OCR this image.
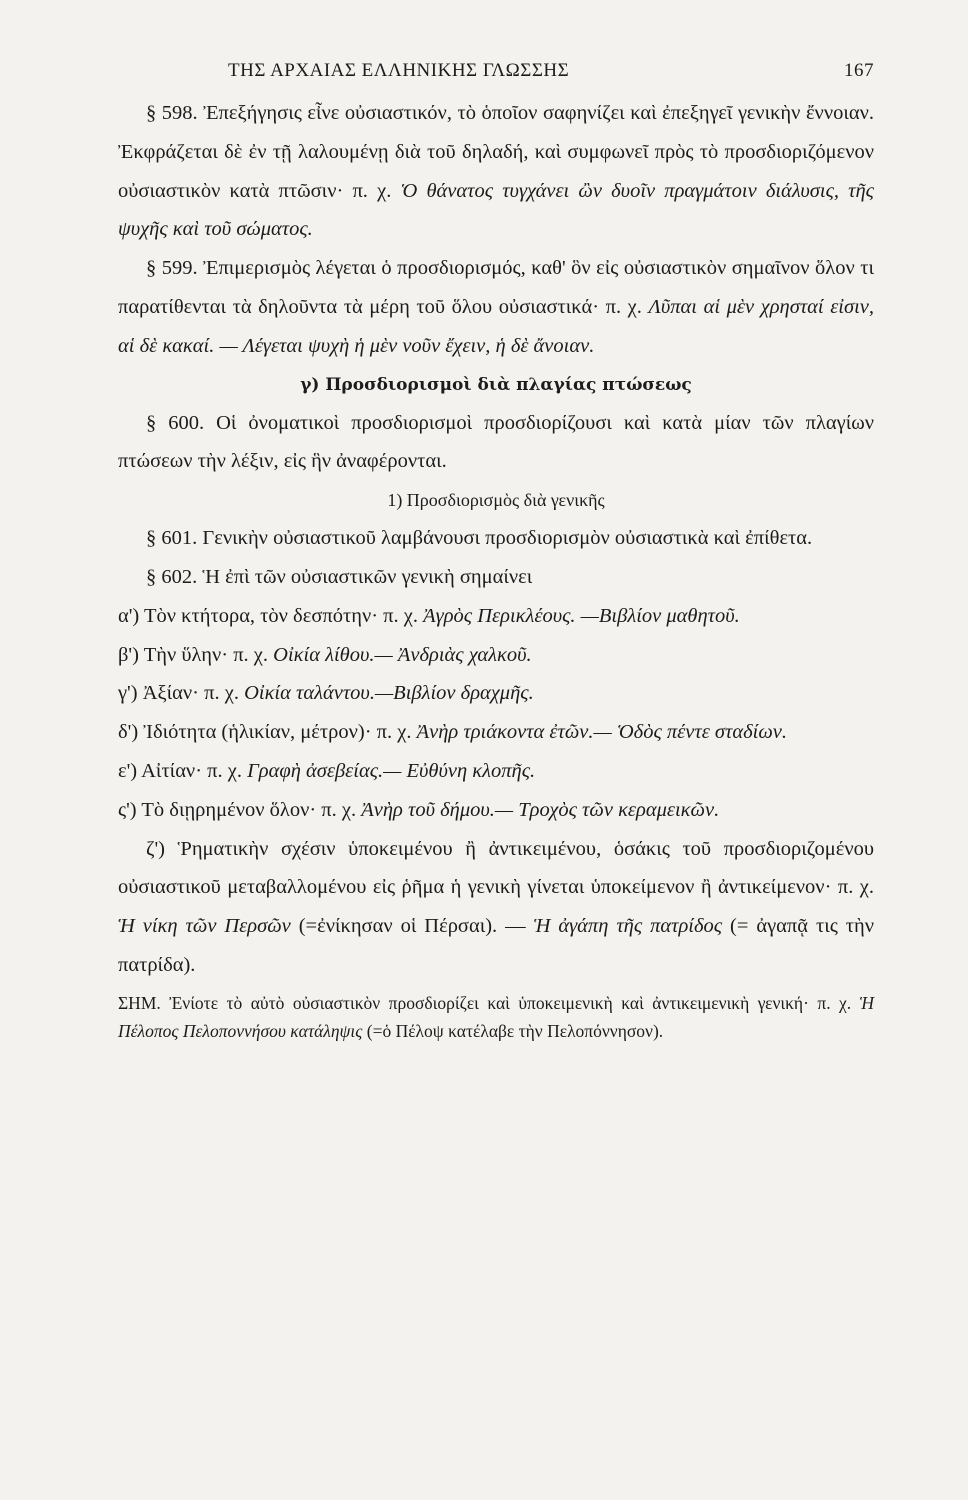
ΤΗΣ ΑΡΧΑΙΑΣ ΕΛΛΗΝΙΚΗΣ ΓΛΩΣΣΗΣ	167

§ 598. Ἐπεξήγησις εἶνε οὐσιαστικόν, τὸ ὁποῖον σαφηνίζει καὶ ἐπεξηγεῖ γενικὴν ἔννοιαν. Ἐκφράζεται δὲ ἐν τῇ λαλουμένῃ διὰ τοῦ δηλαδή, καὶ συμφωνεῖ πρὸς τὸ προσδιοριζόμενον οὐσιαστικὸν κατὰ πτῶσιν· π. χ. Ὁ θάνατος τυγχάνει ὢν δυοῖν πραγμάτοιν διάλυσις, τῆς ψυχῆς καὶ τοῦ σώματος.

§ 599. Ἐπιμερισμὸς λέγεται ὁ προσδιορισμός, καθ' ὃν εἰς οὐσιαστικὸν σημαῖνον ὅλον τι παρατίθενται τὰ δηλοῦντα τὰ μέρη τοῦ ὅλου οὐσιαστικά· π. χ. Λῦπαι αἱ μὲν χρησταί εἰσιν, αἱ δὲ κακαί. — Λέγεται ψυχὴ ἡ μὲν νοῦν ἔχειν, ἡ δὲ ἄνοιαν.

γ) Προσδιορισμοὶ διὰ πλαγίας πτώσεως

§ 600. Οἱ ὀνοματικοὶ προσδιορισμοὶ προσδιορίζουσι καὶ κατὰ μίαν τῶν πλαγίων πτώσεων τὴν λέξιν, εἰς ἣν ἀναφέρονται.

1) Προσδιορισμὸς διὰ γενικῆς

§ 601. Γενικὴν οὐσιαστικοῦ λαμβάνουσι προσδιορισμὸν οὐσιαστικὰ καὶ ἐπίθετα.

§ 602. Ἡ ἐπὶ τῶν οὐσιαστικῶν γενικὴ σημαίνει

α') Τὸν κτήτορα, τὸν δεσπότην· π. χ. Ἀγρὸς Περικλέους. —Βιβλίον μαθητοῦ.

β') Τὴν ὕλην· π. χ. Οἰκία λίθου.— Ἀνδριὰς χαλκοῦ.

γ') Ἀξίαν· π. χ. Οἰκία ταλάντου.—Βιβλίον δραχμῆς.

δ') Ἰδιότητα (ἡλικίαν, μέτρον)· π. χ. Ἀνὴρ τριάκοντα ἐτῶν.— Ὁδὸς πέντε σταδίων.

ε') Αἰτίαν· π. χ. Γραφὴ ἀσεβείας.— Εὐθύνη κλοπῆς.

ς') Τὸ διῃρημένον ὅλον· π. χ. Ἀνὴρ τοῦ δήμου.— Τροχὸς τῶν κεραμεικῶν.

ζ') Ῥηματικὴν σχέσιν ὑποκειμένου ἢ ἀντικειμένου, ὁσάκις τοῦ προσδιοριζομένου οὐσιαστικοῦ μεταβαλλομένου εἰς ῥῆμα ἡ γενικὴ γίνεται ὑποκείμενον ἢ ἀντικείμενον· π. χ. Ἡ νίκη τῶν Περσῶν (=ἐνίκησαν οἱ Πέρσαι). — Ἡ ἀγάπη τῆς πατρίδος (= ἀγαπᾷ τις τὴν πατρίδα).

ΣΗΜ. Ἐνίοτε τὸ αὐτὸ οὐσιαστικὸν προσδιορίζει καὶ ὑποκειμενικὴ καὶ ἀντικειμενικὴ γενική· π. χ. Ἡ Πέλοπος Πελοποννήσου κατάληψις (=ὁ Πέλοψ κατέλαβε τὴν Πελοπόννησον).
